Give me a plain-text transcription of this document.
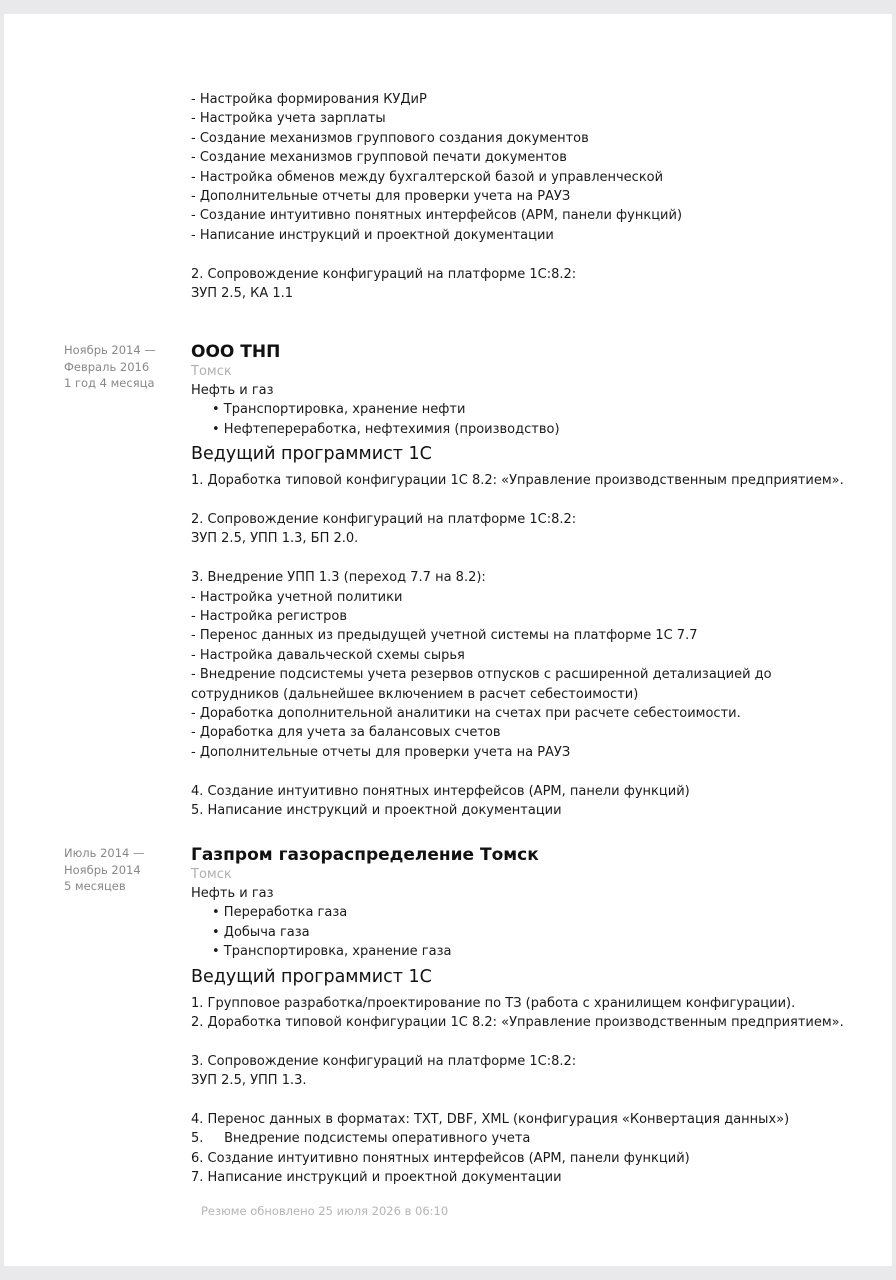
- Настройка формирования КУДиР
- Настройка учета зарплаты
- Создание механизмов группового создания документов
- Создание механизмов групповой печати документов
- Настройка обменов между бухгалтерской базой и управленческой
- Дополнительные отчеты для проверки учета на РАУЗ
- Создание интуитивно понятных интерфейсов (АРМ, панели функций)
- Написание инструкций и проектной документации
2. Сопровождение конфигураций на платформе 1С:8.2:
ЗУП 2.5, КА 1.1
Ноябрь 2014 —
Февраль 2016
1 год 4 месяца
ООО ТНП
Томск
Нефть и газ
• Транспортировка, хранение нефти
• Нефтепереработка, нефтехимия (производство)
Ведущий программист 1С
1. Доработка типовой конфигурации 1С 8.2: «Управление производственным предприятием».
2. Сопровождение конфигураций на платформе 1С:8.2:
ЗУП 2.5, УПП 1.3, БП 2.0.
3. Внедрение УПП 1.3 (переход 7.7 на 8.2):
- Настройка учетной политики
- Настройка регистров
- Перенос данных из предыдущей учетной системы на платформе 1С 7.7
- Настройка давальческой схемы сырья
- Внедрение подсистемы учета резервов отпусков с расширенной детализацией до
сотрудников (дальнейшее включением в расчет себестоимости)
- Доработка дополнительной аналитики на счетах при расчете себестоимости.
- Доработка для учета за балансовых счетов
- Дополнительные отчеты для проверки учета на РАУЗ
4. Создание интуитивно понятных интерфейсов (АРМ, панели функций)
5. Написание инструкций и проектной документации
Июль 2014 —
Ноябрь 2014
5 месяцев
Газпром газораспределение Томск
Томск
Нефть и газ
• Переработка газа
• Добыча газа
• Транспортировка, хранение газа
Ведущий программист 1С
1. Групповое разработка/проектирование по ТЗ (работа с хранилищем конфигурации).
2. Доработка типовой конфигурации 1С 8.2: «Управление производственным предприятием».
3. Сопровождение конфигураций на платформе 1С:8.2:
ЗУП 2.5, УПП 1.3.
4. Перенос данных в форматах: TXT, DBF, XML (конфигурация «Конвертация данных»)
5.     Внедрение подсистемы оперативного учета
6. Создание интуитивно понятных интерфейсов (АРМ, панели функций)
7. Написание инструкций и проектной документации
Резюме обновлено 25 июля 2026 в 06:10
